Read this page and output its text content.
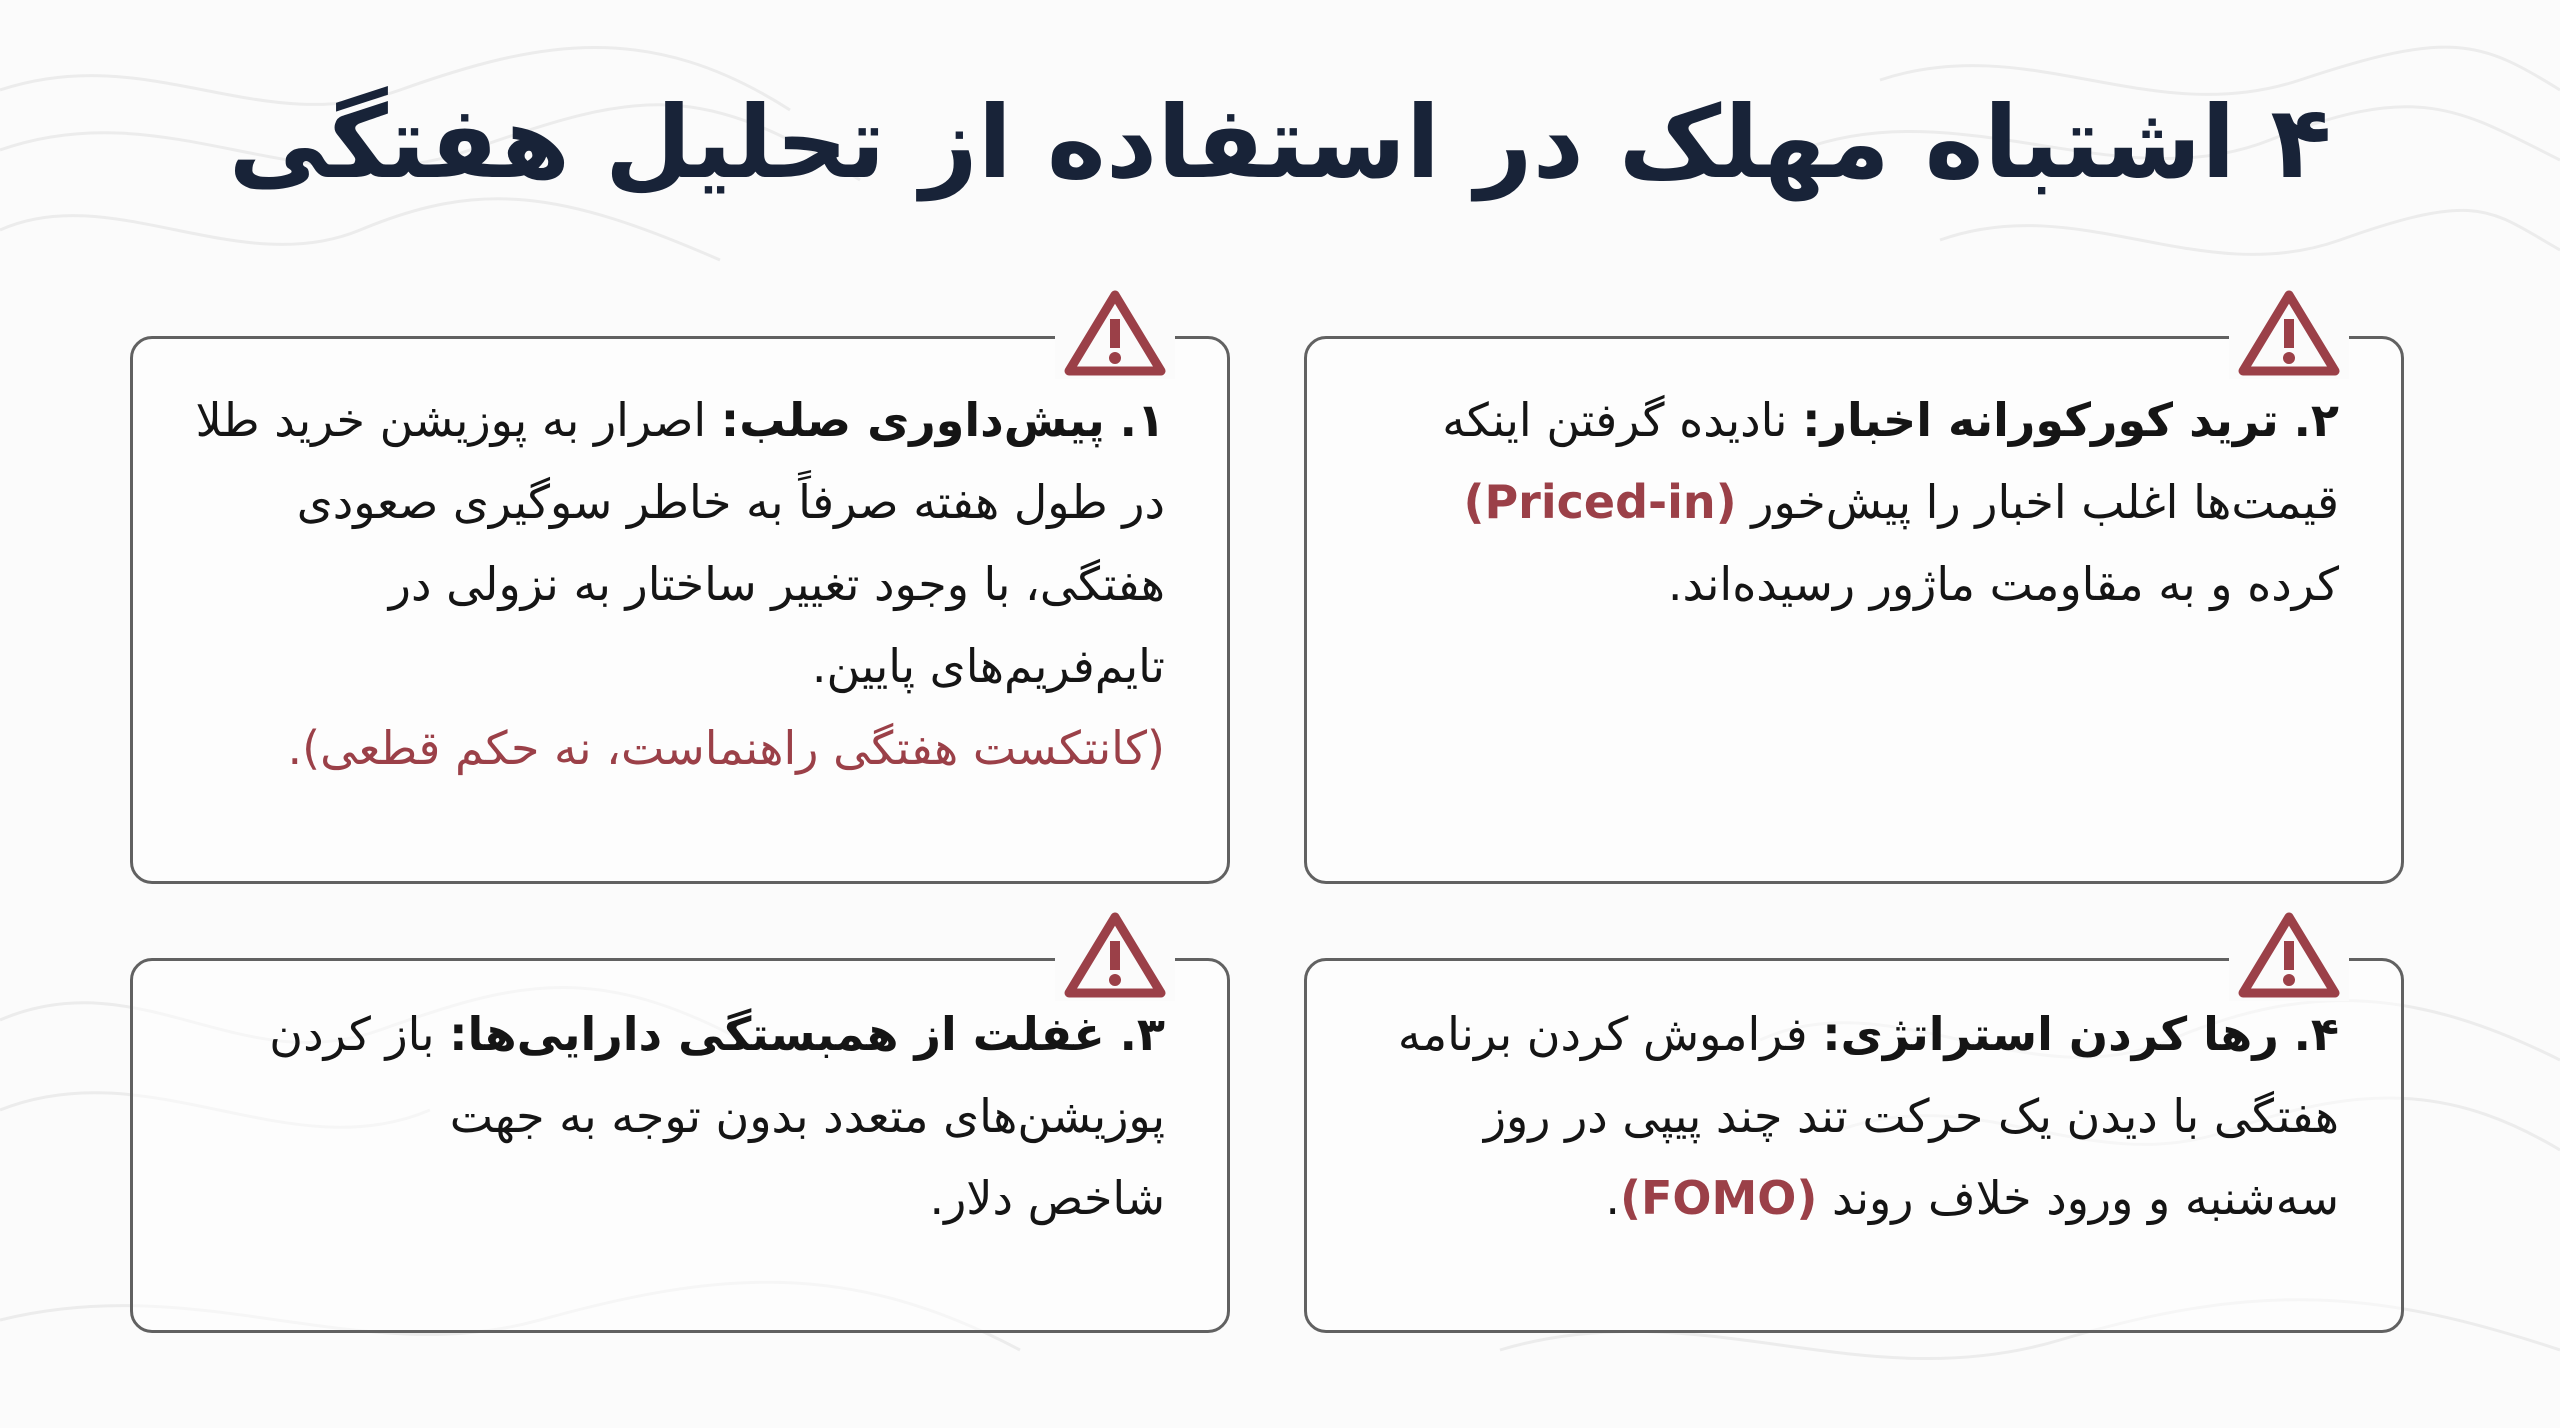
۴ اشتباه مهلک در استفاده از تحلیل هفتگی
۲. ترید کورکورانه اخبار: نادیده گرفتن اینکه
قیمت‌ها اغلب اخبار را پیش‌خور (Priced-in)
کرده و به مقاومت ماژور رسیده‌اند.
۱. پیش‌داوری صلب: اصرار به پوزیشن خرید طلا
در طول هفته صرفاً به خاطر سوگیری صعودی
هفتگی، با وجود تغییر ساختار به نزولی در
تایم‌فریم‌های پایین.
(کانتکست هفتگی راهنماست، نه حکم قطعی).
۴. رها کردن استراتژی: فراموش کردن برنامه
هفتگی با دیدن یک حرکت تند چند پیپی در روز
سه‌شنبه و ورود خلاف روند (FOMO).
۳. غفلت از همبستگی دارایی‌ها: باز کردن
پوزیشن‌های متعدد بدون توجه به جهت
شاخص دلار.
